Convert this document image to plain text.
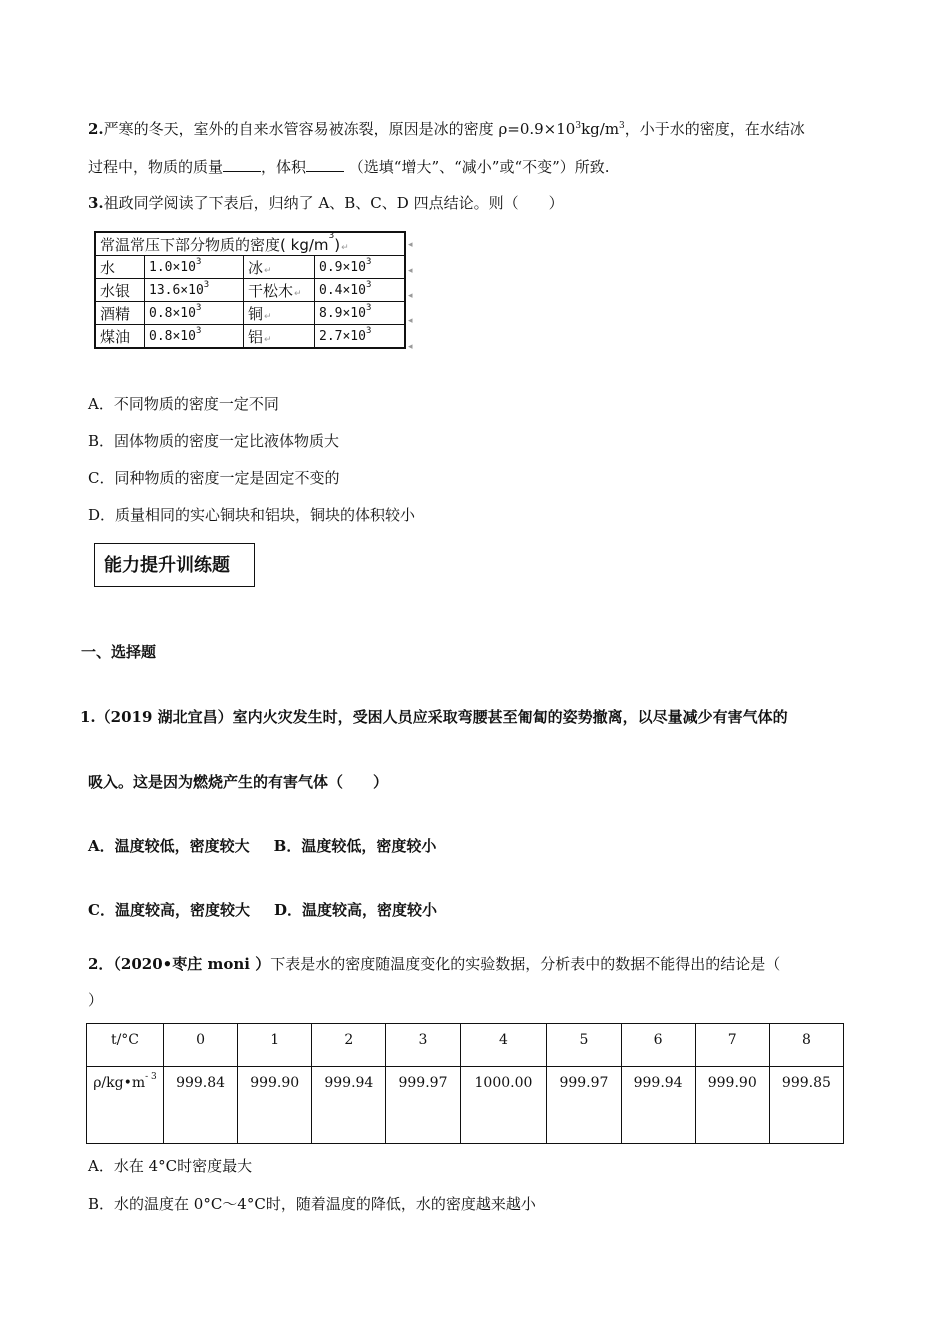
2.严寒的冬天，室外的自来水管容易被冻裂，原因是冰的密度 $\rho=0.9\times 10^3kg/m^3$，小于水的密度，在水结冰
过程中，物质的质量	，体积	（选填“增大”、“减小”或“不变”）所致.
3.祖政同学阅读了下表后，归纳了 A、B、C、D 四点结论。则（　　）
常温常压下部分物质的密度( $kg/m^3)↵$			
水	$1.0\times 10^3$	冰↵	$0.9\times 10^3$
水银	$13.6\times 10^3$	干松木↵	$0.4\times 10^3$
酒精	$0.8\times 10^3$	铜↵	$8.9\times 10^3$
煤油	$0.8\times 10^3$	铝↵	$2.7\times 10^3$
◂
◂
◂
◂
◂
A．不同物质的密度一定不同
B．固体物质的密度一定比液体物质大
C．同种物质的密度一定是固定不变的
D．质量相同的实心铜块和铝块，铜块的体积较小
能力提升训练题
一、选择题
1.（2019 湖北宜昌）室内火灾发生时，受困人员应采取弯腰甚至匍匐的姿势撤离，以尽量减少有害气体的
吸入。这是因为燃烧产生的有害气体（　　）
A．温度较低，密度较大 B．温度较低，密度较小
C．温度较高，密度较大 D．温度较高，密度较小
2．（2020•枣庄 moni ）下表是水的密度随温度变化的实验数据，分析表中的数据不能得出的结论是（
）
t/°C	0	1	2	3	4	5	6	7	8
$\rho/kg•m^{- 3}$	999.84	999.90	999.94	999.97	1000.00	999.97	999.94	999.90	999.85
A．水在 4°C时密度最大
B．水的温度在 0°C～4°C时，随着温度的降低，水的密度越来越小
